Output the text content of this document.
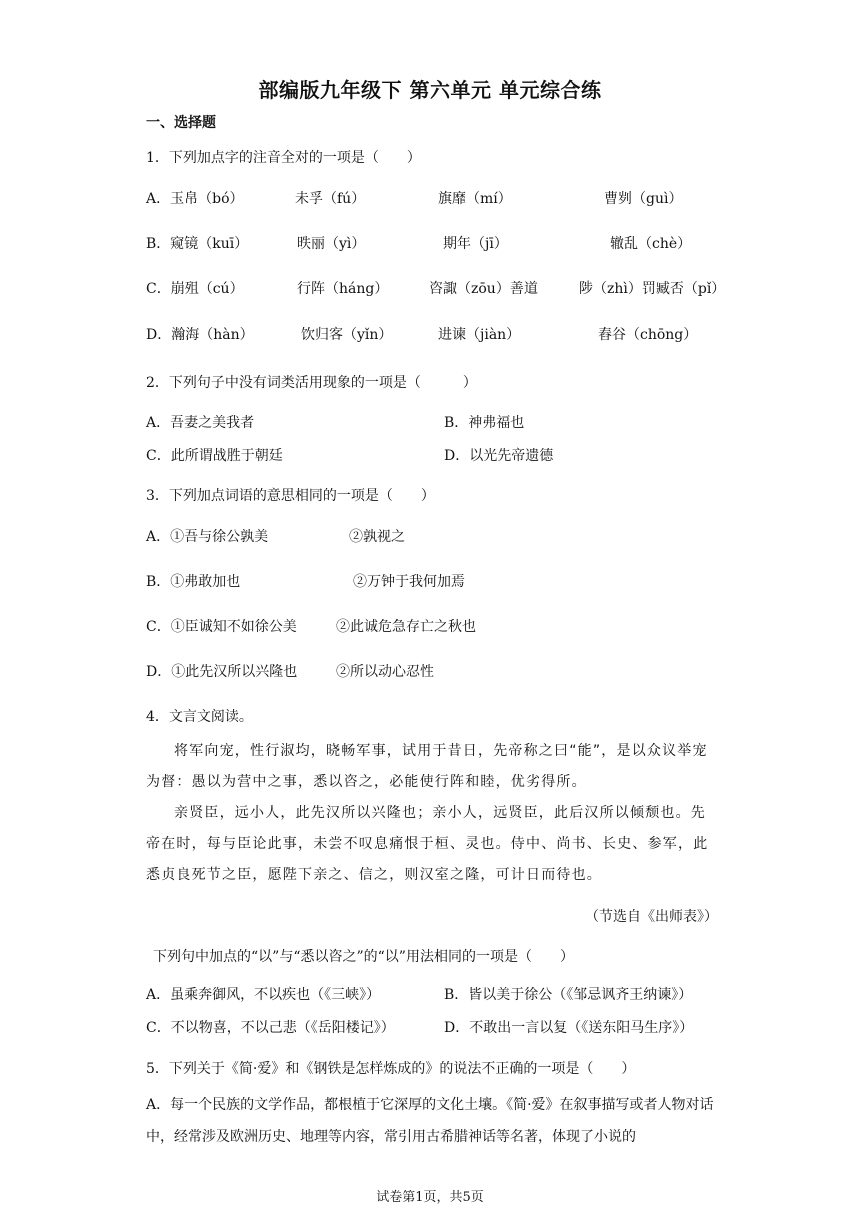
部编版九年级下 第六单元 单元综合练
一、选择题
1．下列加点字的注音全对的一项是（　　）
A．玉帛（bó）	未孚（fú）	旗靡（mí）	曹刿（guì）
B．窥镜（kuī）	昳丽（yì）	期年（jī）	辙乱（chè）
C．崩殂（cú）	行阵（háng）	咨諏（zōu）善道	陟（zhì）罚臧否（pǐ）
D．瀚海（hàn）	饮归客（yǐn）	进谏（jiàn）	舂谷（chōng）
2．下列句子中没有词类活用现象的一项是（　　　）
A．吾妻之美我者	B．神弗福也
C．此所谓战胜于朝廷	D．以光先帝遗德
3．下列加点词语的意思相同的一项是（　　）
A．①吾与徐公孰美	②孰视之
B．①弗敢加也	②万钟于我何加焉
C．①臣诚知不如徐公美	②此诚危急存亡之秋也
D．①此先汉所以兴隆也	②所以动心忍性
4．文言文阅读。
将军向宠，性行淑均，晓畅军事，试用于昔日，先帝称之曰“能”，是以众议举宠为督：愚以为营中之事，悉以咨之，必能使行阵和睦，优劣得所。
亲贤臣，远小人，此先汉所以兴隆也；亲小人，远贤臣，此后汉所以倾颓也。先帝在时，每与臣论此事，未尝不叹息痛恨于桓、灵也。侍中、尚书、长史、参军，此悉贞良死节之臣，愿陛下亲之、信之，则汉室之隆，可计日而待也。
（节选自《出师表》）
下列句中加点的“以”与“悉以咨之”的“以”用法相同的一项是（　　）
A．虽乘奔御风，不以疾也（《三峡》）	B．皆以美于徐公（《邹忌讽齐王纳谏》）
C．不以物喜，不以己悲（《岳阳楼记》）	D．不敢出一言以复（《送东阳马生序》）
5．下列关于《简·爱》和《钢铁是怎样炼成的》的说法不正确的一项是（　　）
A．每一个民族的文学作品，都根植于它深厚的文化土壤。《简·爱》在叙事描写或者人物对话中，经常涉及欧洲历史、地理等内容，常引用古希腊神话等名著，体现了小说的
试卷第1页，共5页
